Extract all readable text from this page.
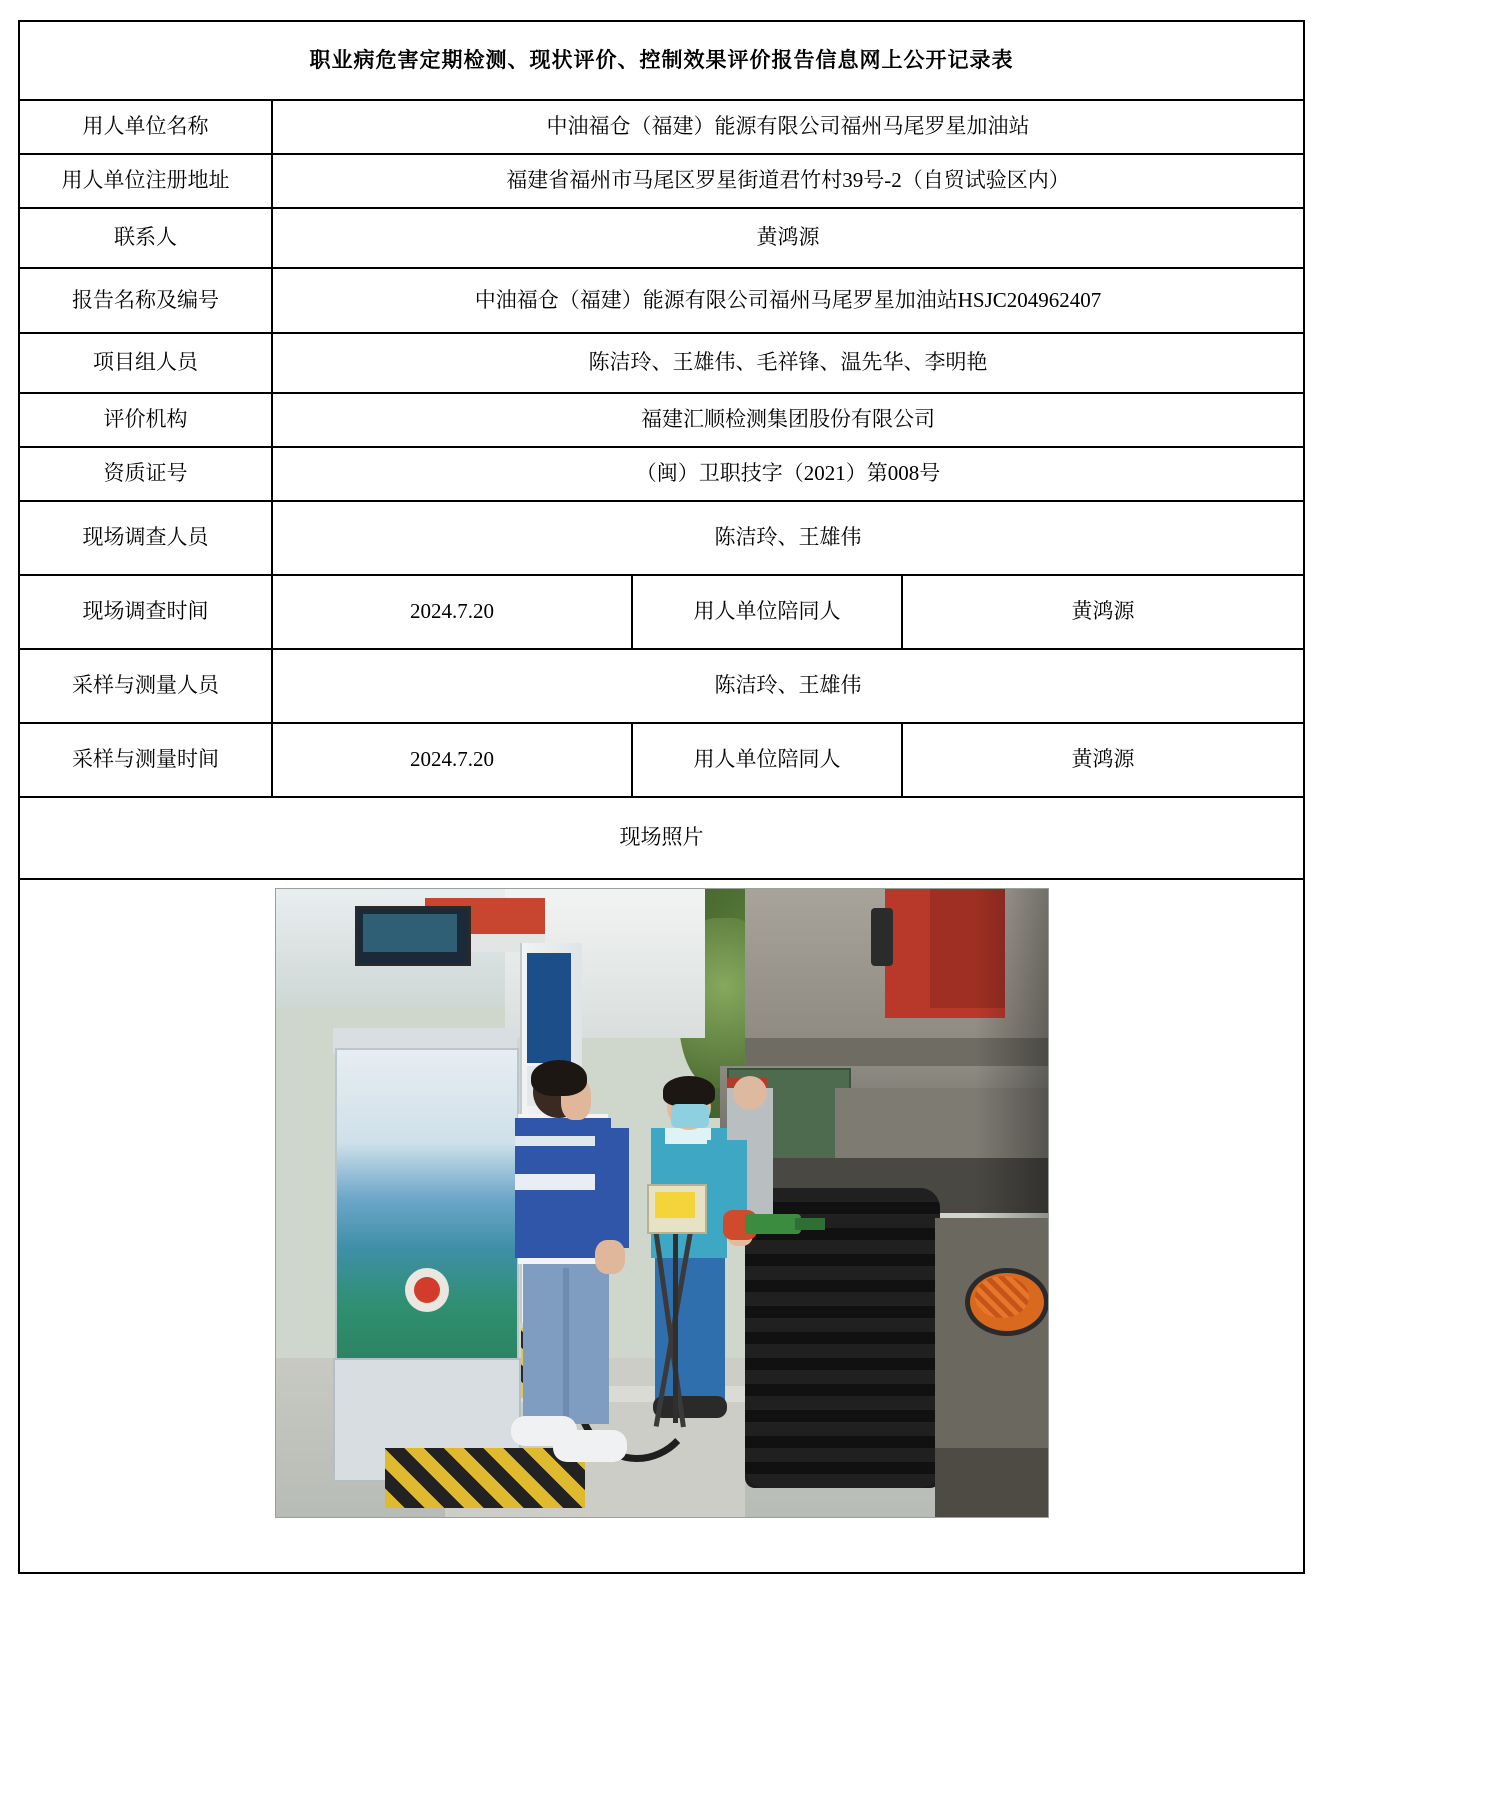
职业病危害定期检测、现状评价、控制效果评价报告信息网上公开记录表			
用人单位名称	中油福仓（福建）能源有限公司福州马尾罗星加油站		
用人单位注册地址	福建省福州市马尾区罗星街道君竹村39号-2（自贸试验区内）		
联系人	黄鸿源		
报告名称及编号	中油福仓（福建）能源有限公司福州马尾罗星加油站HSJC204962407		
项目组人员	陈洁玲、王雄伟、毛祥锋、温先华、李明艳		
评价机构	福建汇顺检测集团股份有限公司		
资质证号	（闽）卫职技字（2021）第008号		
现场调查人员	陈洁玲、王雄伟		
现场调查时间	2024.7.20	用人单位陪同人	黄鸿源
采样与测量人员	陈洁玲、王雄伟		
采样与测量时间	2024.7.20	用人单位陪同人	黄鸿源
现场照片			
